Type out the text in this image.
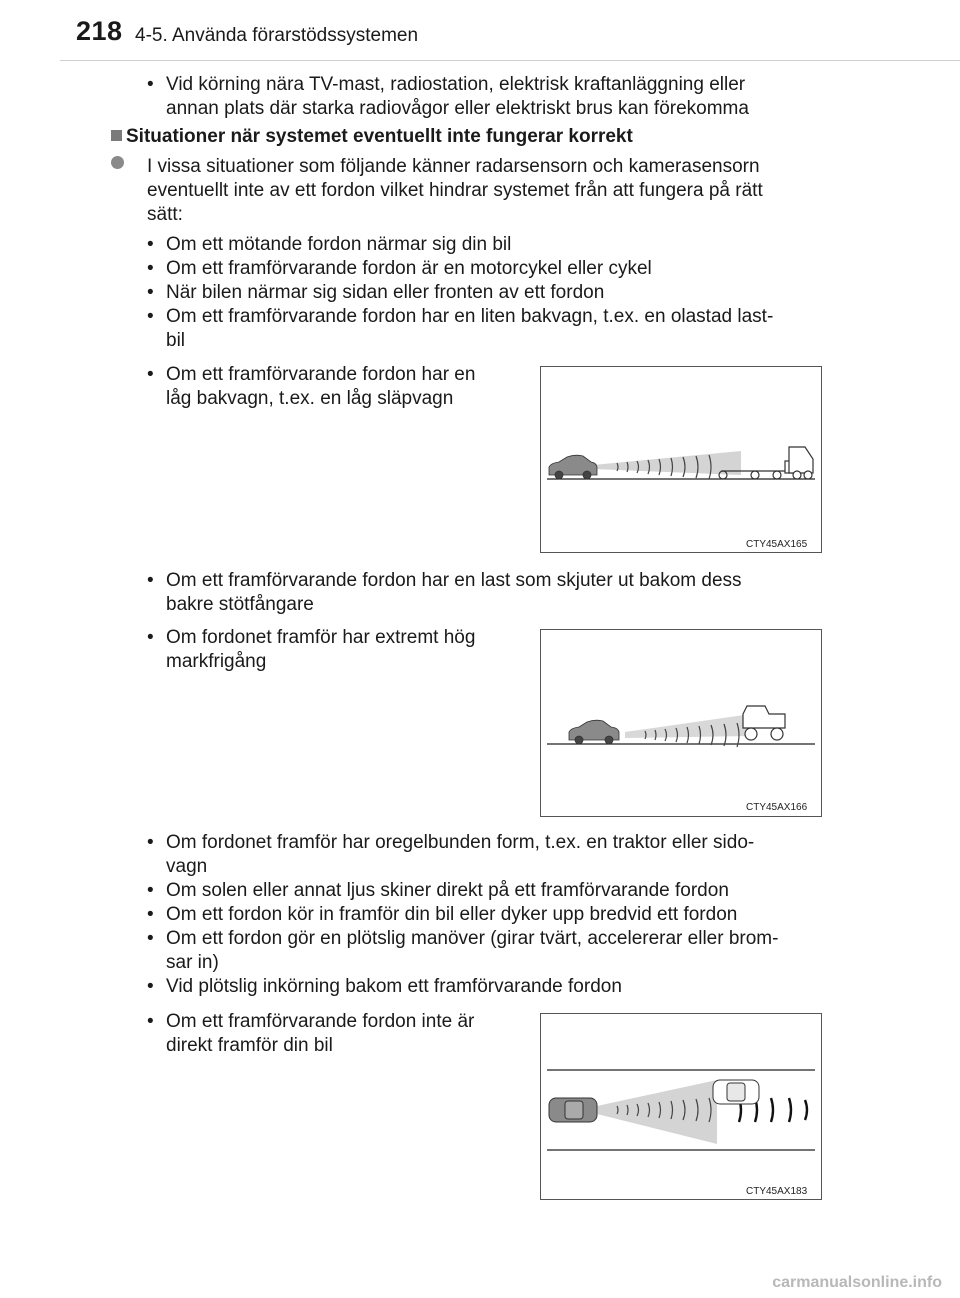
218 4-5. Använda förarstödssystemen
• Vid körning nära TV-mast, radiostation, elektrisk kraftanläggning eller
annan plats där starka radiovågor eller elektriskt brus kan förekomma
Situationer när systemet eventuellt inte fungerar korrekt
I vissa situationer som följande känner radarsensorn och kamerasensorn
eventuellt inte av ett fordon vilket hindrar systemet från att fungera på rätt
sätt:
• Om ett mötande fordon närmar sig din bil
• Om ett framförvarande fordon är en motorcykel eller cykel
• När bilen närmar sig sidan eller fronten av ett fordon
• Om ett framförvarande fordon har en liten bakvagn, t.ex. en olastad last-
bil
• Om ett framförvarande fordon har en
låg bakvagn, t.ex. en låg släpvagn
CTY45AX165
• Om ett framförvarande fordon har en last som skjuter ut bakom dess
bakre stötfångare
• Om fordonet framför har extremt hög
markfrigång
CTY45AX166
• Om fordonet framför har oregelbunden form, t.ex. en traktor eller sido-
vagn
• Om solen eller annat ljus skiner direkt på ett framförvarande fordon
• Om ett fordon kör in framför din bil eller dyker upp bredvid ett fordon
• Om ett fordon gör en plötslig manöver (girar tvärt, accelererar eller brom-
sar in)
• Vid plötslig inkörning bakom ett framförvarande fordon
• Om ett framförvarande fordon inte är
direkt framför din bil
CTY45AX183
carmanualsonline.info
